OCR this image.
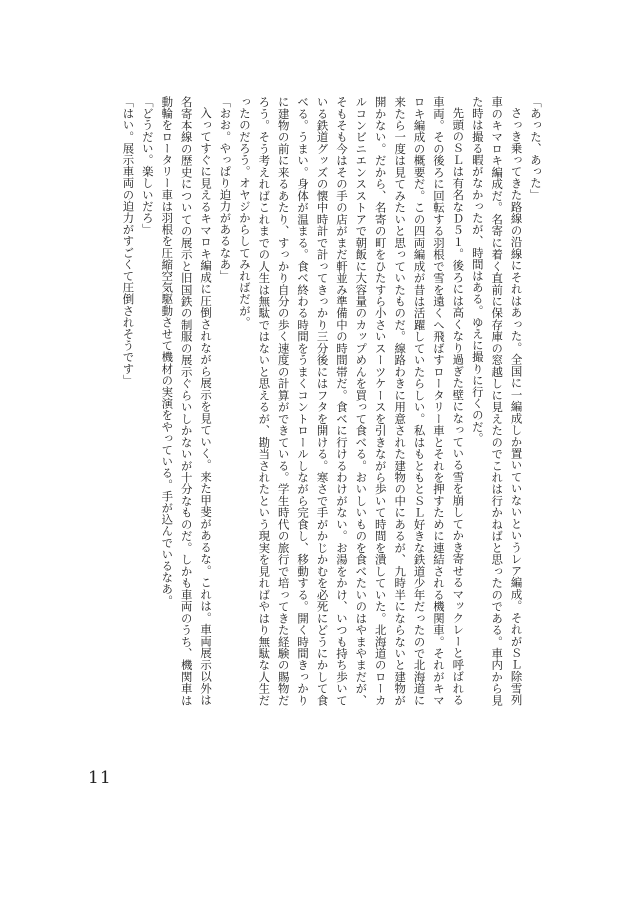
「あった、あった」

さっき乗ってきた路線の沿線にそれはあった。全国に一編成しか置いていないというレア編成。それがＳＬ除雪列車のキマロキ編成だ。名寄に着く直前に保存庫の窓越しに見えたのでこれは行かねばと思ったのである。車内から見た時は撮る暇がなかったが、時間はある。ゆえに撮りに行くのだ。

先頭のＳＬは有名なＤ５１。後ろには高くなり過ぎた壁になっている雪を崩してかき寄せるマックレーと呼ばれる車両。その後ろに回転する羽根で雪を遠くへ飛ばすロータリー車とそれを押すために連結される機関車。それがキマロキ編成の概要だ。この四両編成が昔は活躍していたらしい。私はもともとＳＬ好きな鉄道少年だったので北海道に来たら一度は見てみたいと思っていたものだ。線路わきに用意された建物の中にあるが、九時半にならないと建物が開かない。だから、名寄の町をひたすら小さいスーツケースを引きながら歩いて時間を潰していた。北海道のローカルコンビニエンスストアで朝飯に大容量のカップめんを買って食べる。おいしいものを食べたいのはやまやまだが、そもそも今はその手の店がまだ軒並み準備中の時間帯だ。食べに行けるわけがない。お湯をかけ、いつも持ち歩いている鉄道グッズの懐中時計で計ってきっかり三分後にはフタを開ける。寒さで手がかじかむを必死にどうにかして食べる。うまい。身体が温まる。食べ終わる時間をうまくコントロールしながら完食し、移動する。開く時間きっかりに建物の前に来るあたり、すっかり自分の歩く速度の計算ができている。学生時代の旅行で培ってきた経験の賜物だろう。そう考えればこれまでの人生は無駄ではないと思えるが、勘当されたという現実を見ればやはり無駄な人生だったのだろう。オヤジからしてみればだが。

「おお。やっぱり迫力があるなあ」

入ってすぐに見えるキマロキ編成に圧倒されながら展示を見ていく。来た甲斐があるな。これは。車両展示以外は名寄本線の歴史についての展示と旧国鉄の制服の展示ぐらいしかないが十分なものだ。しかも車両のうち、機関車は動輪をロータリー車は羽根を圧縮空気駆動させて機材の実演をやっている。手が込んでいるなあ。

「どうだい。楽しいだろ」

「はい。展示車両の迫力がすごくて圧倒されそうです」

11
